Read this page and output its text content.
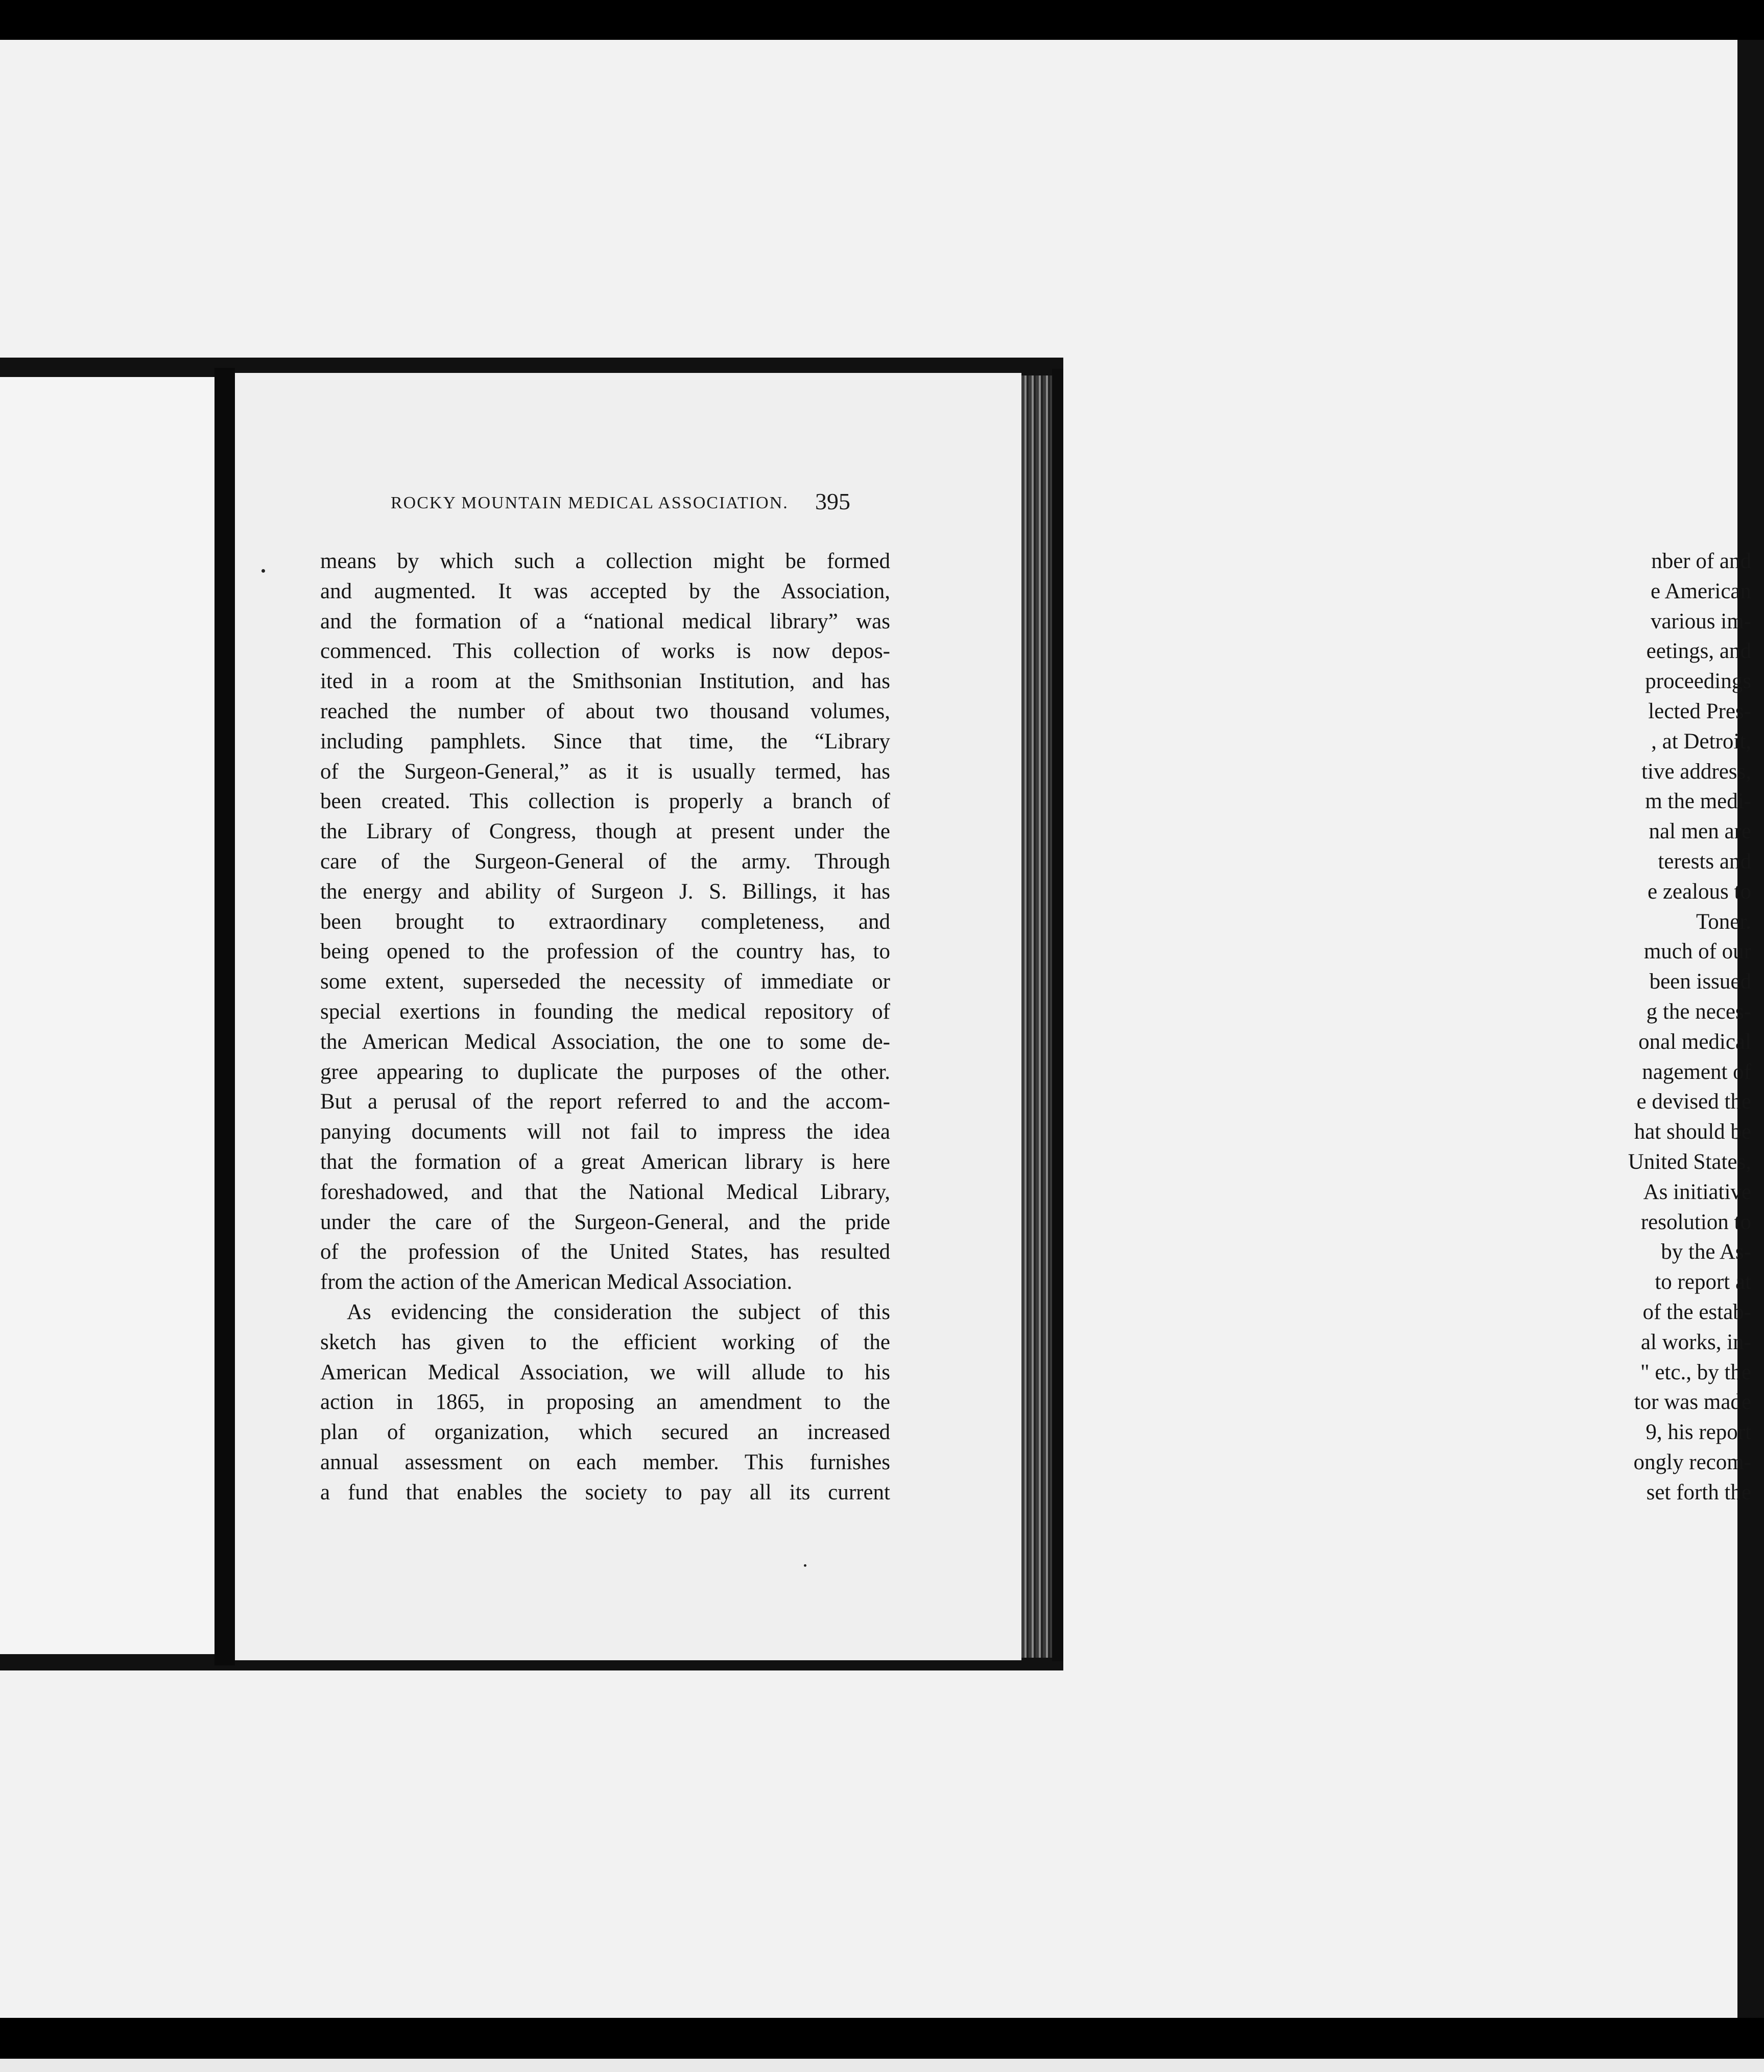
nber of and
e American
various im-
eetings, and
proceedings
lected Pres-
, at Detroit,
tive address,
m the medi-
nal men are
terests and
e zealous to
Toner.
much of our
been issued
g the neces-
onal medical
nagement of
e devised the
hat should be
United States,
As initiative
resolution to
by the As-
to report at
of the estab-
al works, in-
" etc., by the
tor was made
9, his report
ongly recom-
set forth the
ROCKY MOUNTAIN MEDICAL ASSOCIATION. 395
means by which such a collection might be formed
and augmented. It was accepted by the Association,
and the formation of a “national medical library” was
commenced. This collection of works is now depos-
ited in a room at the Smithsonian Institution, and has
reached the number of about two thousand volumes,
including pamphlets. Since that time, the “Library
of the Surgeon-General,” as it is usually termed, has
been created. This collection is properly a branch of
the Library of Congress, though at present under the
care of the Surgeon-General of the army. Through
the energy and ability of Surgeon J. S. Billings, it has
been brought to extraordinary completeness, and
being opened to the profession of the country has, to
some extent, superseded the necessity of immediate or
special exertions in founding the medical repository of
the American Medical Association, the one to some de-
gree appearing to duplicate the purposes of the other.
But a perusal of the report referred to and the accom-
panying documents will not fail to impress the idea
that the formation of a great American library is here
foreshadowed, and that the National Medical Library,
under the care of the Surgeon-General, and the pride
of the profession of the United States, has resulted
from the action of the American Medical Association.
As evidencing the consideration the subject of this
sketch has given to the efficient working of the
American Medical Association, we will allude to his
action in 1865, in proposing an amendment to the
plan of organization, which secured an increased
annual assessment on each member. This furnishes
a fund that enables the society to pay all its current
